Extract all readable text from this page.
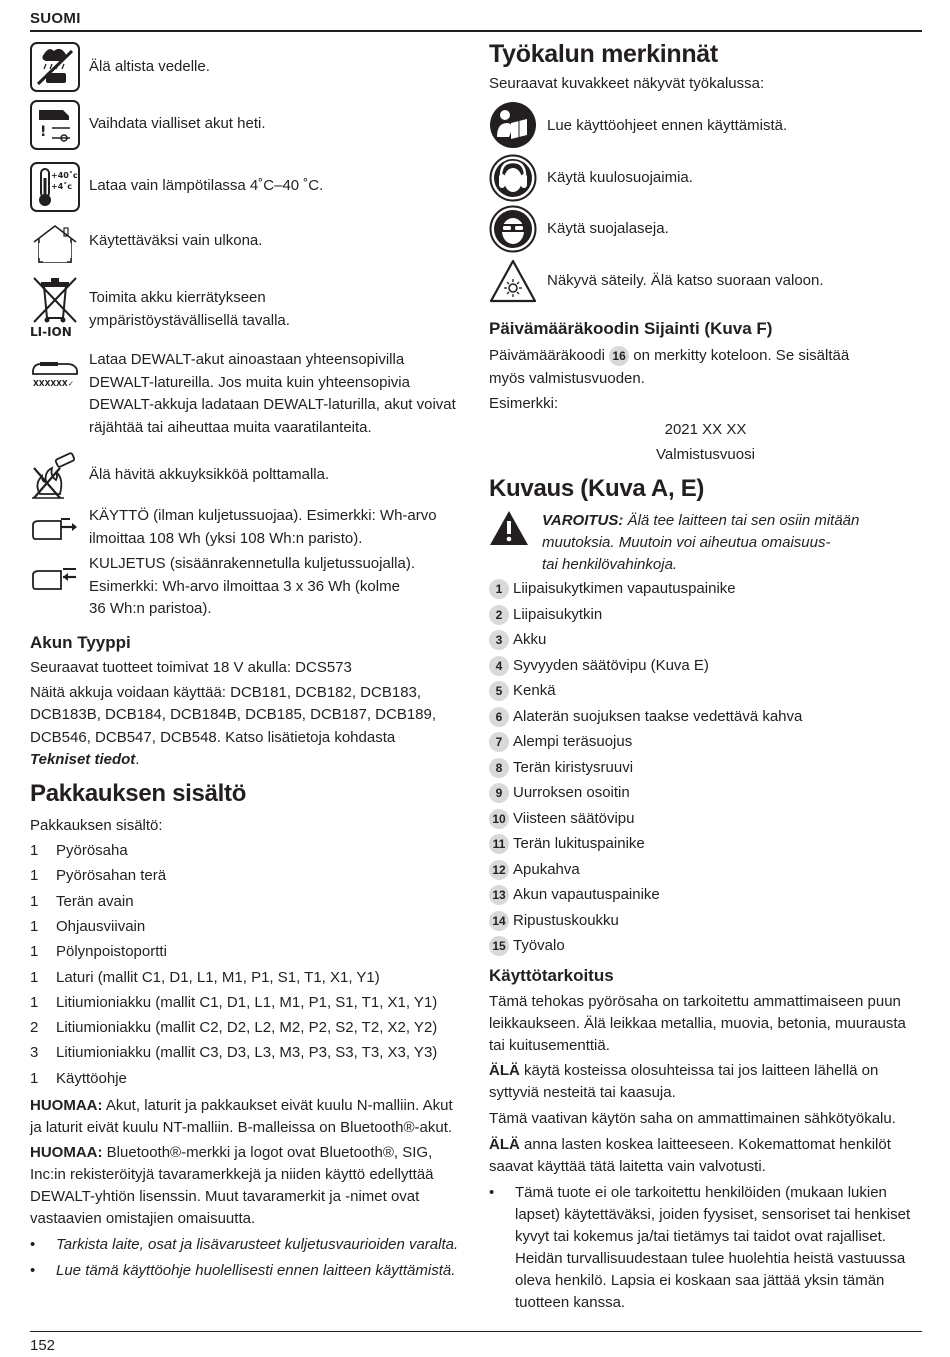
SUOMI
Älä altista vedelle.
!	Vaihdata vialliset akut heti.
+40˚c
+4˚c Lataa vain lämpötilassa 4˚C–40 ˚C.
Käytettäväksi vain ulkona.
LI-ION
Toimita akku kierrätykseen
ympäristöystävällisellä tavalla.
XXXXXX✓
Lataa DEWALT-akut ainoastaan yhteensopivilla
DEWALT-latureilla. Jos muita kuin yhteensopivia
DEWALT-akkuja ladataan DEWALT-laturilla, akut voivat
räjähtää tai aiheuttaa muita vaaratilanteita.
Älä hävitä akkuyksikköä polttamalla.
KÄYTTÖ (ilman kuljetussuojaa). Esimerkki: Wh-arvo
ilmoittaa 108 Wh (yksi 108 Wh:n paristo).
KULJETUS (sisäänrakennetulla kuljetussuojalla).
Esimerkki: Wh-arvo ilmoittaa 3 x 36 Wh (kolme
36 Wh:n paristoa).
Akun Tyyppi
Seuraavat tuotteet toimivat 18 V akulla: DCS573
Näitä akkuja voidaan käyttää: DCB181, DCB182, DCB183,
DCB183B, DCB184, DCB184B, DCB185, DCB187, DCB189,
DCB546, DCB547, DCB548. Katso lisätietoja kohdasta
Tekniset tiedot.
Pakkauksen sisältö
Pakkauksen sisältö:
1	Pyörösaha
1	Pyörösahan terä
1	Terän avain
1	Ohjausviivain
1	Pölynpoistoportti
1	Laturi (mallit C1, D1, L1, M1, P1, S1, T1, X1, Y1)
1	Litiumioniakku (mallit C1, D1, L1, M1, P1, S1, T1, X1, Y1)
2	Litiumioniakku (mallit C2, D2, L2, M2, P2, S2, T2, X2, Y2)
3	Litiumioniakku (mallit C3, D3, L3, M3, P3, S3, T3, X3, Y3)
1	Käyttöohje
HUOMAA: Akut, laturit ja pakkaukset eivät kuulu N-malliin. Akut
ja laturit eivät kuulu NT-malliin. B-malleissa on Bluetooth®-akut.
HUOMAA: Bluetooth®-merkki ja logot ovat Bluetooth®, SIG,
Inc:in rekisteröityjä tavaramerkkejä ja niiden käyttö edellyttää
DEWALT-yhtiön lisenssin. Muut tavaramerkit ja -nimet ovat
vastaavien omistajien omaisuutta.
• Tarkista laite, osat ja lisävarusteet kuljetusvaurioiden varalta.
• Lue tämä käyttöohje huolellisesti ennen laitteen käyttämistä.
Työkalun merkinnät
Seuraavat kuvakkeet näkyvät työkalussa:
Lue käyttöohjeet ennen käyttämistä.
Käytä kuulosuojaimia.
Käytä suojalaseja.
Näkyvä säteily. Älä katso suoraan valoon.
Päivämääräkoodin Sijainti (Kuva F)
Päivämääräkoodi 16 on merkitty koteloon. Se sisältää
myös valmistusvuoden.
Esimerkki:
2021 XX XX
Valmistusvuosi
Kuvaus (Kuva A, E)
VAROITUS: Älä tee laitteen tai sen osiin mitään
muutoksia. Muutoin voi aiheutua omaisuus-
tai henkilövahinkoja.
1 Liipaisukytkimen vapautuspainike
2 Liipaisukytkin
3 Akku
4 Syvyyden säätövipu (Kuva E)
5 Kenkä
6 Alaterän suojuksen taakse vedettävä kahva
7 Alempi teräsuojus
8 Terän kiristysruuvi
9 Uurroksen osoitin
10 Viisteen säätövipu
11 Terän lukituspainike
12 Apukahva
13 Akun vapautuspainike
14 Ripustuskoukku
15 Työvalo
Käyttötarkoitus
Tämä tehokas pyörösaha on tarkoitettu ammattimaiseen puun
leikkaukseen. Älä leikkaa metallia, muovia, betonia, muurausta
tai kuitusementtiä.
ÄLÄ käytä kosteissa olosuhteissa tai jos laitteen lähellä on
syttyviä nesteitä tai kaasuja.
Tämä vaativan käytön saha on ammattimainen sähkötyökalu.
ÄLÄ anna lasten koskea laitteeseen. Kokemattomat henkilöt
saavat käyttää tätä laitetta vain valvotusti.
• Tämä tuote ei ole tarkoitettu henkilöiden (mukaan lukien
lapset) käytettäväksi, joiden fyysiset, sensoriset tai henkiset
kyvyt tai kokemus ja/tai tietämys tai taidot ovat rajalliset.
Heidän turvallisuudestaan tulee huolehtia heistä vastuussa
oleva henkilö. Lapsia ei koskaan saa jättää yksin tämän
tuotteen kanssa.
152
